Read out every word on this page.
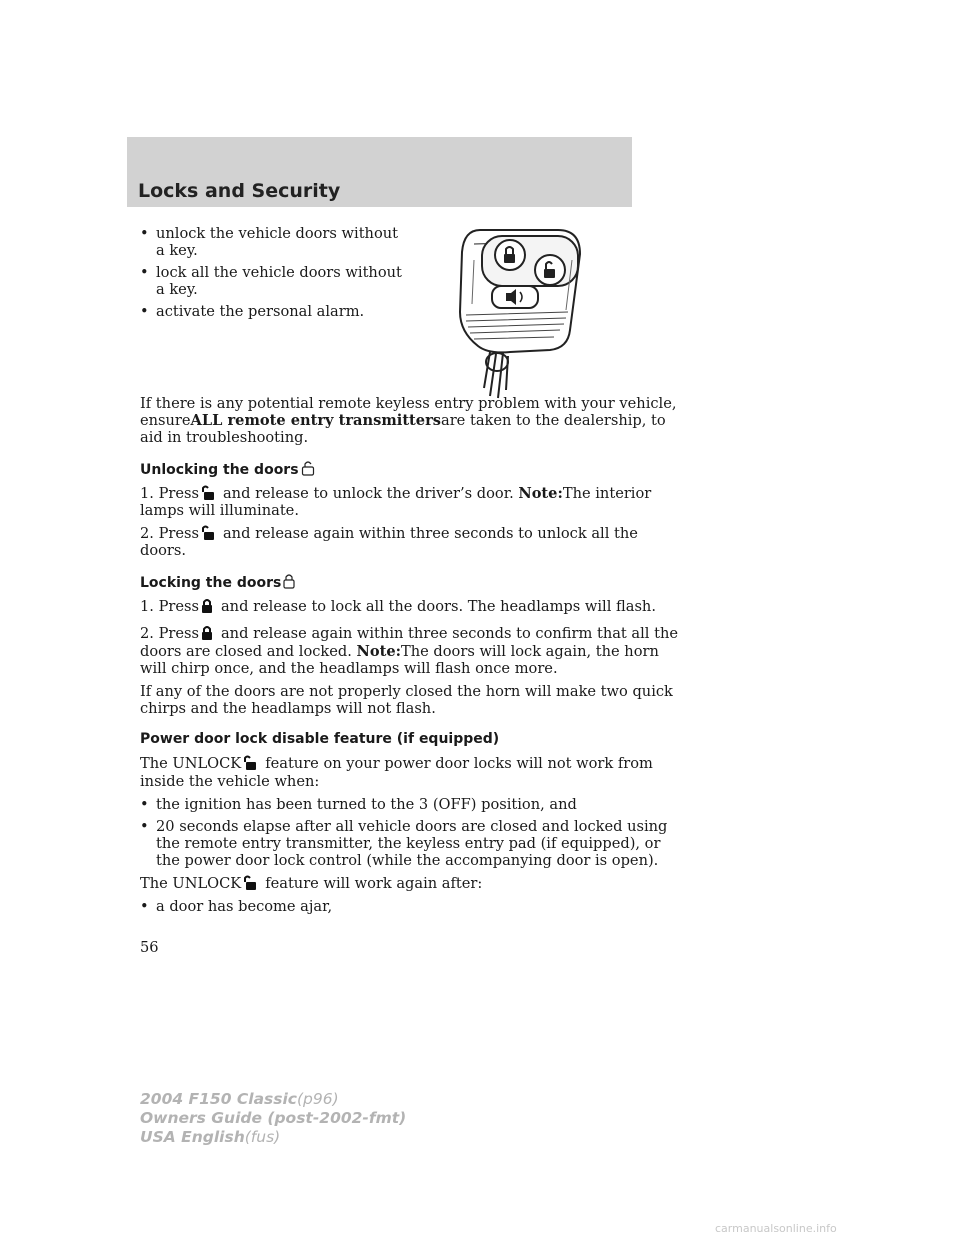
Locks and Security
• unlock the vehicle doors without
a key.
• lock all the vehicle doors without
a key.
• activate the personal alarm.
If there is any potential remote keyless entry problem with your vehicle,
ensureALL remote entry transmittersare taken to the dealership, to
aid in troubleshooting.
Unlocking the doors
1. Press and release to unlock the driver’s door. Note:The interior
lamps will illuminate.
2. Press and release again within three seconds to unlock all the
doors.
Locking the doors
1. Press and release to lock all the doors. The headlamps will flash.
2. Press and release again within three seconds to confirm that all the
doors are closed and locked. Note:The doors will lock again, the horn
will chirp once, and the headlamps will flash once more.
If any of the doors are not properly closed the horn will make two quick
chirps and the headlamps will not flash.
Power door lock disable feature (if equipped)
The UNLOCK feature on your power door locks will not work from
inside the vehicle when:
• the ignition has been turned to the 3 (OFF) position, and
• 20 seconds elapse after all vehicle doors are closed and locked using
the remote entry transmitter, the keyless entry pad (if equipped), or
the power door lock control (while the accompanying door is open).
The UNLOCK feature will work again after:
• a door has become ajar,
56
2004 F150 Classic(p96)
Owners Guide (post-2002-fmt)
USA English(fus)
carmanualsonline.info
